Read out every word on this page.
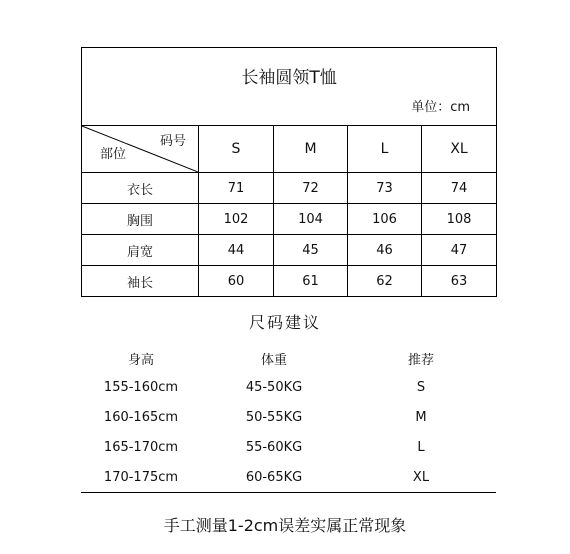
长袖圆领T恤
单位：cm				

码号
部位	S	M	L	XL
衣长	71	72	73	74
胸围	102	104	106	108
肩宽	44	45	46	47
袖长	60	61	62	63
尺码建议
身高	体重	推荐
155-160cm	45-50KG	S
160-165cm	50-55KG	M
165-170cm	55-60KG	L
170-175cm	60-65KG	XL
手工测量1-2cm误差实属正常现象
